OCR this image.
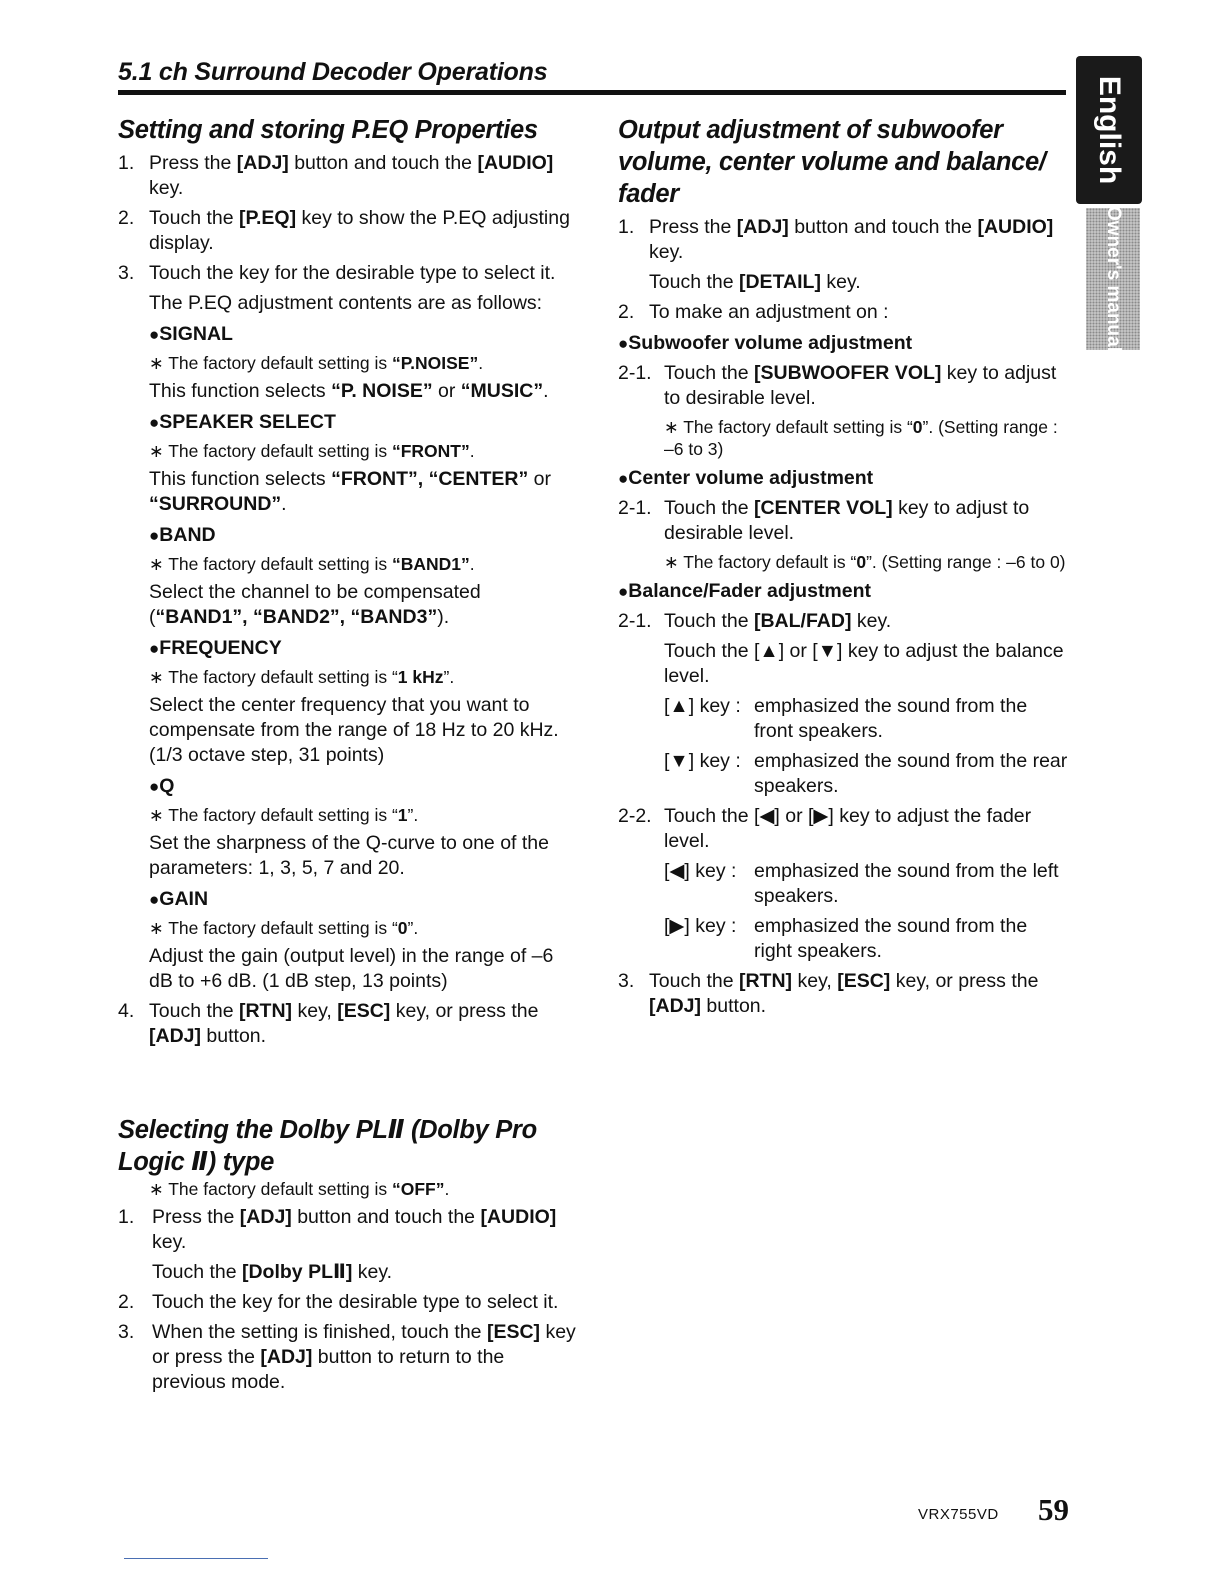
5.1 ch Surround Decoder Operations
English
Owner's manual
Setting and storing P.EQ Properties
1. Press the [ADJ] button and touch the [AUDIO] key.
2. Touch the [P.EQ] key to show the P.EQ adjusting display.
3. Touch the key for the desirable type to select it.
The P.EQ adjustment contents are as follows:
●SIGNAL
∗ The factory default setting is “P.NOISE”.
This function selects “P. NOISE” or “MUSIC”.
●SPEAKER SELECT
∗ The factory default setting is “FRONT”.
This function selects “FRONT”, “CENTER” or “SURROUND”.
●BAND
∗ The factory default setting is “BAND1”.
Select the channel to be compensated (“BAND1”, “BAND2”, “BAND3”).
●FREQUENCY
∗ The factory default setting is “1 kHz”.
Select the center frequency that you want to compensate from the range of 18 Hz to 20 kHz. (1/3 octave step, 31 points)
●Q
∗ The factory default setting is “1”.
Set the sharpness of the Q-curve to one of the parameters: 1, 3, 5, 7 and 20.
●GAIN
∗ The factory default setting is “0”.
Adjust the gain (output level) in the range of –6 dB to +6 dB. (1 dB step, 13 points)
4. Touch the [RTN] key, [ESC] key, or press the [ADJ] button.
Selecting the Dolby PLⅡ (Dolby Pro
Logic Ⅱ) type
∗ The factory default setting is “OFF”.
1. Press the [ADJ] button and touch the [AUDIO] key.
Touch the [Dolby PLⅡ] key.
2. Touch the key for the desirable type to select it.
3. When the setting is finished, touch the [ESC] key or press the [ADJ] button to return to the previous mode.
Output adjustment of subwoofer volume, center volume and balance/ fader
1. Press the [ADJ] button and touch the [AUDIO] key.
Touch the [DETAIL] key.
2. To make an adjustment on :
●Subwoofer volume adjustment
2-1. Touch the [SUBWOOFER VOL] key to adjust to desirable level.
∗ The factory default setting is “0”. (Setting range : –6 to 3)
●Center volume adjustment
2-1. Touch the [CENTER VOL] key to adjust to desirable level.
∗ The factory default is “0”. (Setting range : –6 to 0)
●Balance/Fader adjustment
2-1. Touch the [BAL/FAD] key.
Touch the [▲] or [▼] key to adjust the balance level.
[▲] key : emphasized the sound from the front speakers.
[▼] key : emphasized the sound from the rear speakers.
2-2. Touch the [◀] or [▶] key to adjust the fader level.
[◀] key : emphasized the sound from the left speakers.
[▶] key : emphasized the sound from the right speakers.
3. Touch the [RTN] key, [ESC] key, or press the [ADJ] button.
VRX755VD 59
